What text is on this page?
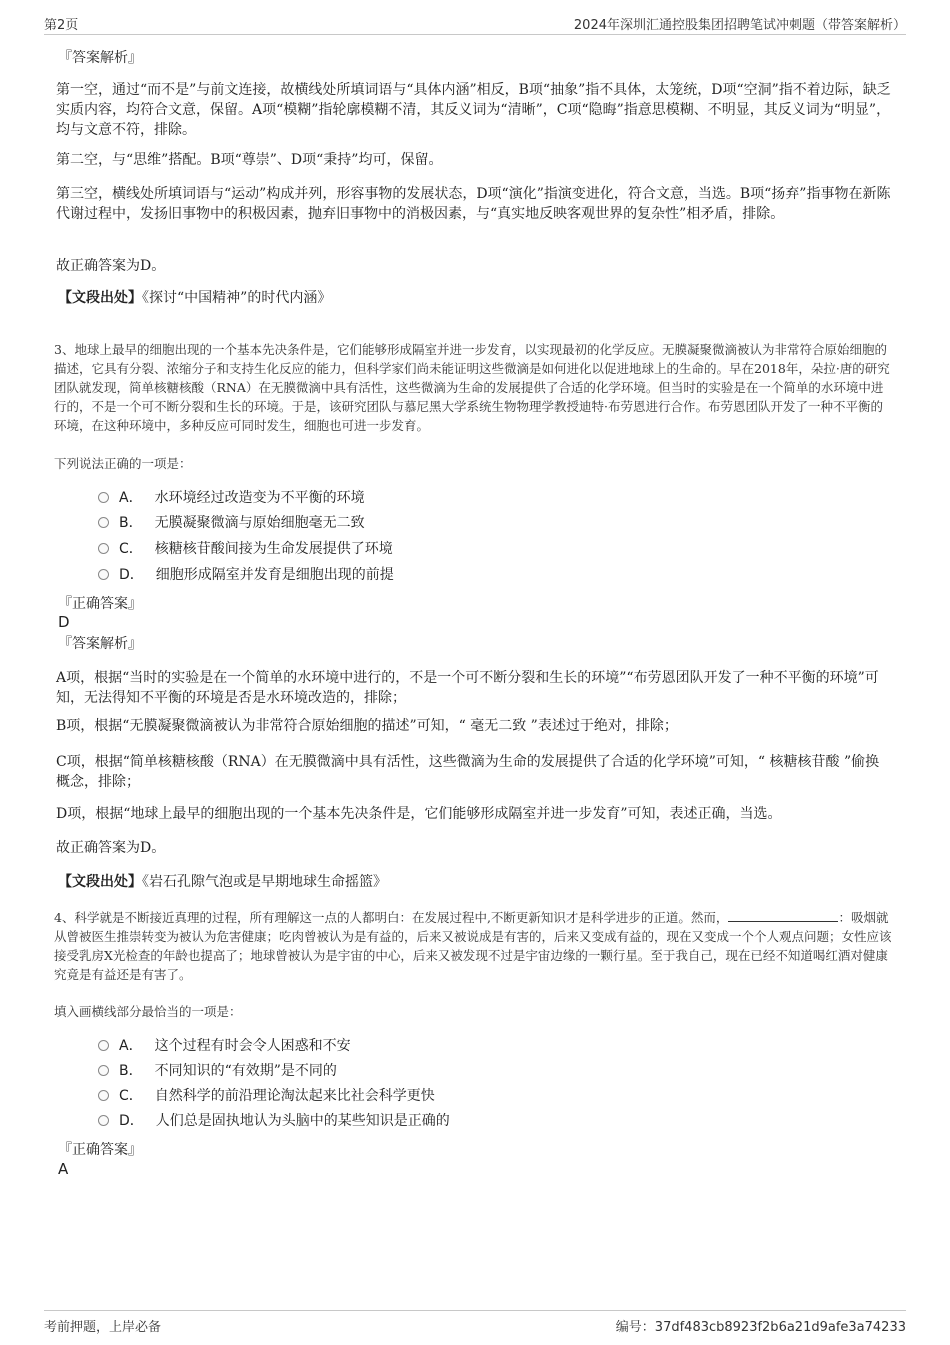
第2页	2024年深圳汇通控股集团招聘笔试冲刺题（带答案解析）
『答案解析』

第一空，通过“而不是”与前文连接，故横线处所填词语与“具体内涵”相反，B项“抽象”指不具体，太笼统，D项“空洞”指不着边际，缺乏实质内容，均符合文意，保留。A项“模糊”指轮廓模糊不清，其反义词为“清晰”，C项“隐晦”指意思模糊、不明显，其反义词为“明显”，均与文意不符，排除。

第二空，与“思维”搭配。B项“尊崇”、D项“秉持”均可，保留。

第三空，横线处所填词语与“运动”构成并列，形容事物的发展状态，D项“演化”指演变进化，符合文意，当选。B项“扬弃”指事物在新陈代谢过程中，发扬旧事物中的积极因素，抛弃旧事物中的消极因素，与“真实地反映客观世界的复杂性”相矛盾，排除。

故正确答案为D。

【文段出处】《探讨“中国精神”的时代内涵》

3、地球上最早的细胞出现的一个基本先决条件是，它们能够形成隔室并进一步发育，以实现最初的化学反应。无膜凝聚微滴被认为非常符合原始细胞的描述，它具有分裂、浓缩分子和支持生化反应的能力，但科学家们尚未能证明这些微滴是如何进化以促进地球上的生命的。早在2018年，朵拉·唐的研究团队就发现，简单核糖核酸（RNA）在无膜微滴中具有活性，这些微滴为生命的发展提供了合适的化学环境。但当时的实验是在一个简单的水环境中进行的，不是一个可不断分裂和生长的环境。于是，该研究团队与慕尼黑大学系统生物物理学教授迪特·布劳恩进行合作。布劳恩团队开发了一种不平衡的环境，在这种环境中，多种反应可同时发生，细胞也可进一步发育。

下列说法正确的一项是：

A． 水环境经过改造变为不平衡的环境
B． 无膜凝聚微滴与原始细胞毫无二致
C． 核糖核苷酸间接为生命发展提供了环境
D． 细胞形成隔室并发育是细胞出现的前提
『正确答案』
D
『答案解析』

A项，根据“当时的实验是在一个简单的水环境中进行的，不是一个可不断分裂和生长的环境”“布劳恩团队开发了一种不平衡的环境”可知，无法得知不平衡的环境是否是水环境改造的，排除；

B项，根据“无膜凝聚微滴被认为非常符合原始细胞的描述”可知，“ 毫无二致 ”表述过于绝对，排除；

C项，根据“简单核糖核酸（RNA）在无膜微滴中具有活性，这些微滴为生命的发展提供了合适的化学环境”可知，“ 核糖核苷酸 ”偷换概念，排除；

D项，根据“地球上最早的细胞出现的一个基本先决条件是，它们能够形成隔室并进一步发育”可知，表述正确，当选。

故正确答案为D。

【文段出处】《岩石孔隙气泡或是早期地球生命摇篮》

4、科学就是不断接近真理的过程，所有理解这一点的人都明白：在发展过程中,不断更新知识才是科学进步的正道。然而，	：吸烟就从曾被医生推崇转变为被认为危害健康；吃肉曾被认为是有益的，后来又被说成是有害的，后来又变成有益的，现在又变成一个个人观点问题；女性应该接受乳房X光检查的年龄也提高了；地球曾被认为是宇宙的中心，后来又被发现不过是宇宙边缘的一颗行星。至于我自己，现在已经不知道喝红酒对健康究竟是有益还是有害了。

填入画横线部分最恰当的一项是：

A． 这个过程有时会令人困惑和不安
B． 不同知识的“有效期”是不同的
C． 自然科学的前沿理论淘汰起来比社会科学更快
D． 人们总是固执地认为头脑中的某些知识是正确的
『正确答案』
A
考前押题，上岸必备	编号：37df483cb8923f2b6a21d9afe3a74233
